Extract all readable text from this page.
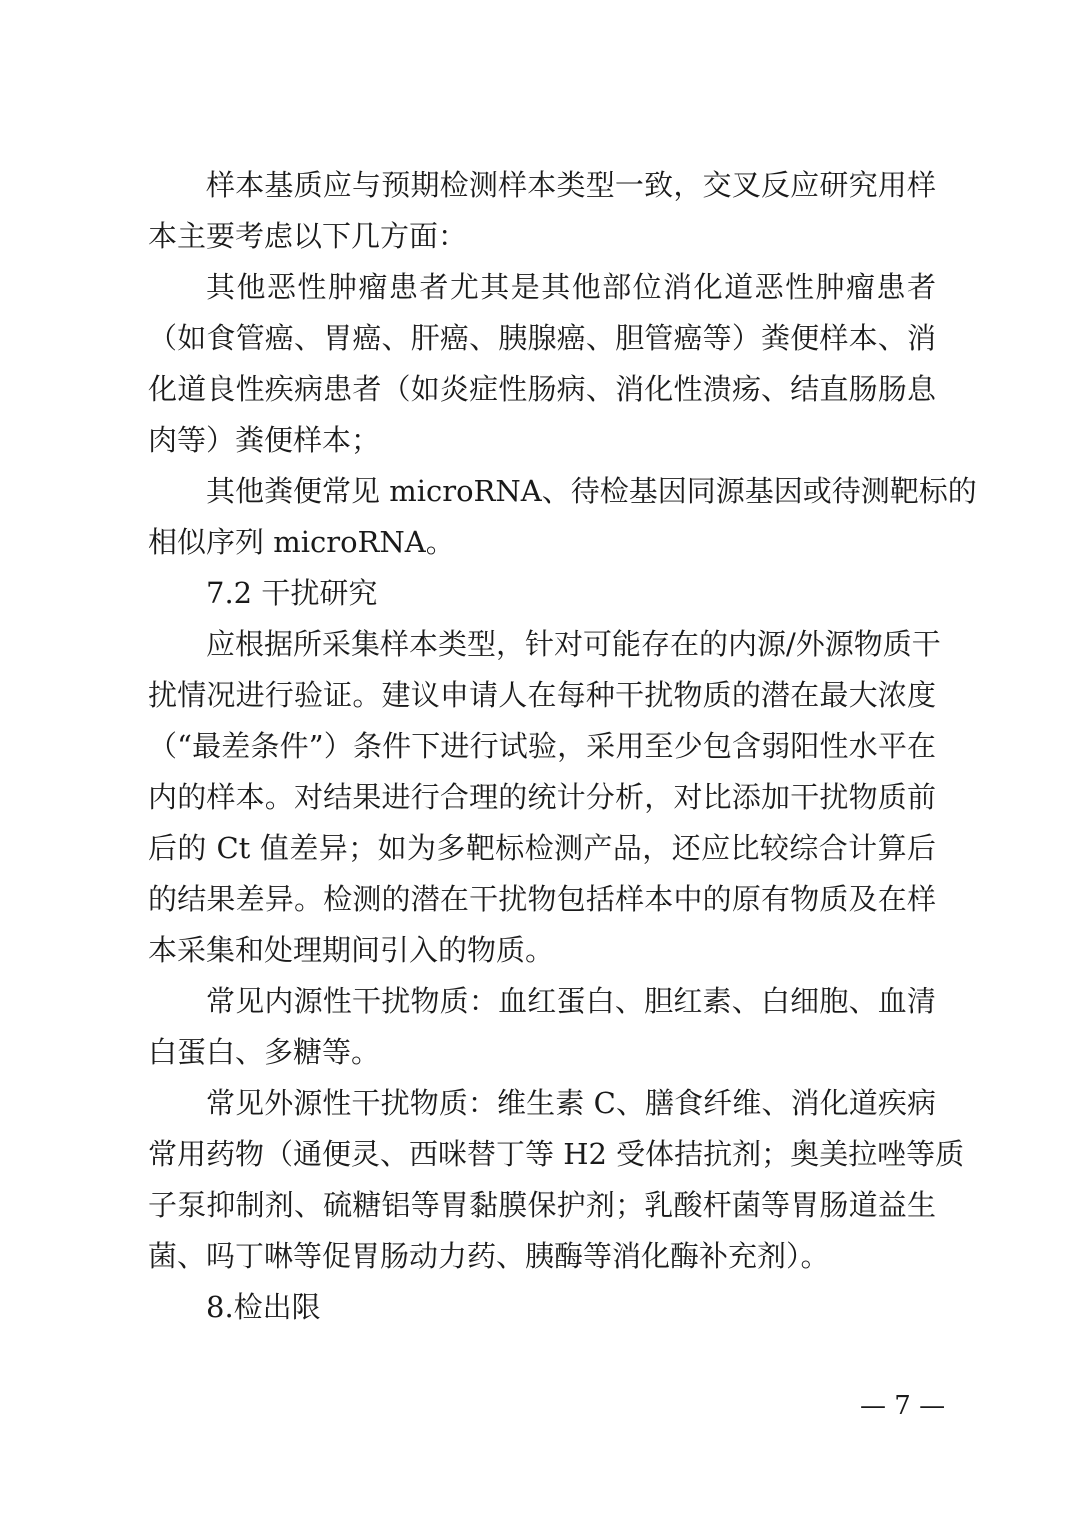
样本基质应与预期检测样本类型一致，交叉反应研究用样
本主要考虑以下几方面：
其他恶性肿瘤患者尤其是其他部位消化道恶性肿瘤患者
（如食管癌、胃癌、肝癌、胰腺癌、胆管癌等）粪便样本、消
化道良性疾病患者（如炎症性肠病、消化性溃疡、结直肠肠息
肉等）粪便样本；
其他粪便常见 microRNA、待检基因同源基因或待测靶标的
相似序列 microRNA。
7.2 干扰研究
应根据所采集样本类型，针对可能存在的内源/外源物质干
扰情况进行验证。建议申请人在每种干扰物质的潜在最大浓度
（“最差条件”）条件下进行试验，采用至少包含弱阳性水平在
内的样本。对结果进行合理的统计分析，对比添加干扰物质前
后的 Ct 值差异；如为多靶标检测产品，还应比较综合计算后
的结果差异。检测的潜在干扰物包括样本中的原有物质及在样
本采集和处理期间引入的物质。
常见内源性干扰物质：血红蛋白、胆红素、白细胞、血清
白蛋白、多糖等。
常见外源性干扰物质：维生素 C、膳食纤维、消化道疾病
常用药物（通便灵、西咪替丁等 H2 受体拮抗剂；奥美拉唑等质
子泵抑制剂、硫糖铝等胃黏膜保护剂；乳酸杆菌等胃肠道益生
菌、吗丁啉等促胃肠动力药、胰酶等消化酶补充剂）。
8.检出限
— 7 —
